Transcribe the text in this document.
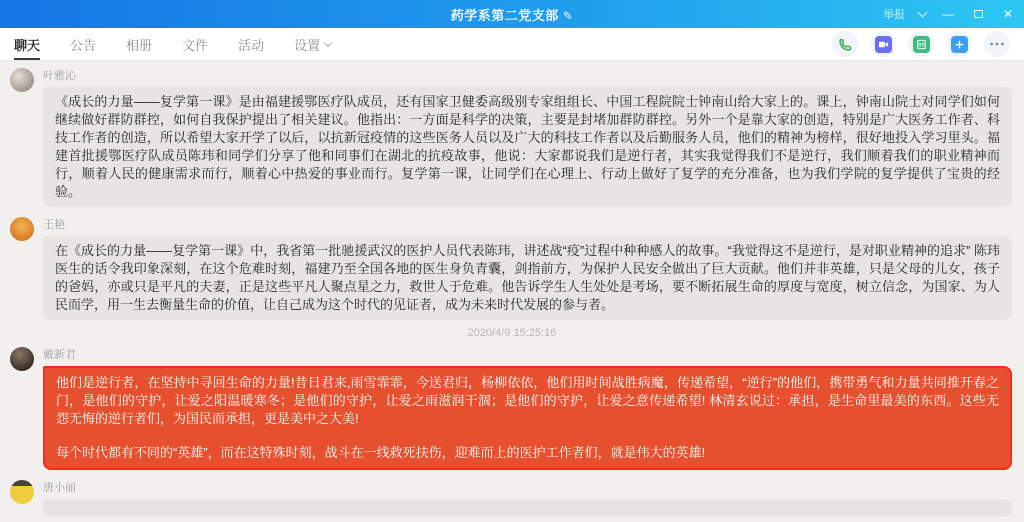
药学系第二党支部 ✎	举报	—	✕
聊天 公告 相册 文件 活动 设置
叶雅沁
《成长的力量——复学第一课》是由福建援鄂医疗队成员，还有国家卫健委高级别专家组组长、中国工程院院士钟南山给大家上的。课上，钟南山院士对同学们如何继续做好群防群控，如何自我保护提出了相关建议。他指出：一方面是科学的决策，主要是封堵加群防群控。另外一个是靠大家的创造，特别是广大医务工作者、科技工作者的创造，所以希望大家开学了以后，以抗新冠疫情的这些医务人员以及广大的科技工作者以及后勤服务人员，他们的精神为榜样，很好地投入学习里头。福建首批援鄂医疗队成员陈玮和同学们分享了他和同事们在湖北的抗疫故事，他说：大家都说我们是逆行者，其实我觉得我们不是逆行，我们顺着我们的职业精神而行，顺着人民的健康需求而行，顺着心中热爱的事业而行。复学第一课，让同学们在心理上、行动上做好了复学的充分准备，也为我们学院的复学提供了宝贵的经验。
王艳
在《成长的力量——复学第一课》中，我省第一批驰援武汉的医护人员代表陈玮，讲述战“疫”过程中种种感人的故事。“我觉得这不是逆行，是对职业精神的追求” 陈玮医生的话令我印象深刻，在这个危难时刻，福建乃至全国各地的医生身负青囊，剑指前方，为保护人民安全做出了巨大贡献。他们并非英雄，只是父母的儿女，孩子的爸妈，亦或只是平凡的夫妻，正是这些平凡人聚点星之力，救世人于危难。他告诉学生人生处处是考场，要不断拓展生命的厚度与宽度，树立信念，为国家、为人民而学，用一生去衡量生命的价值，让自己成为这个时代的见证者，成为未来时代发展的参与者。
2020/4/9 15:25:16
戴新君
他们是逆行者，在坚持中寻回生命的力量!昔日君来,雨雪霏霏，今送君归，杨柳依依，他们用时间战胜病魔，传递希望，“逆行”的他们，携带勇气和力量共同推开春之门，是他们的守护，让爱之阳温暖寒冬；是他们的守护，让爱之雨滋润干涸；是他们的守护，让爱之意传递希望! 林清玄说过：承担，是生命里最美的东西。这些无怨无悔的逆行者们，为国民而承担，更是美中之大美!
每个时代都有不同的“英雄”，而在这特殊时刻，战斗在一线救死扶伤，迎难而上的医护工作者们，就是伟大的英雄!
唐小丽
